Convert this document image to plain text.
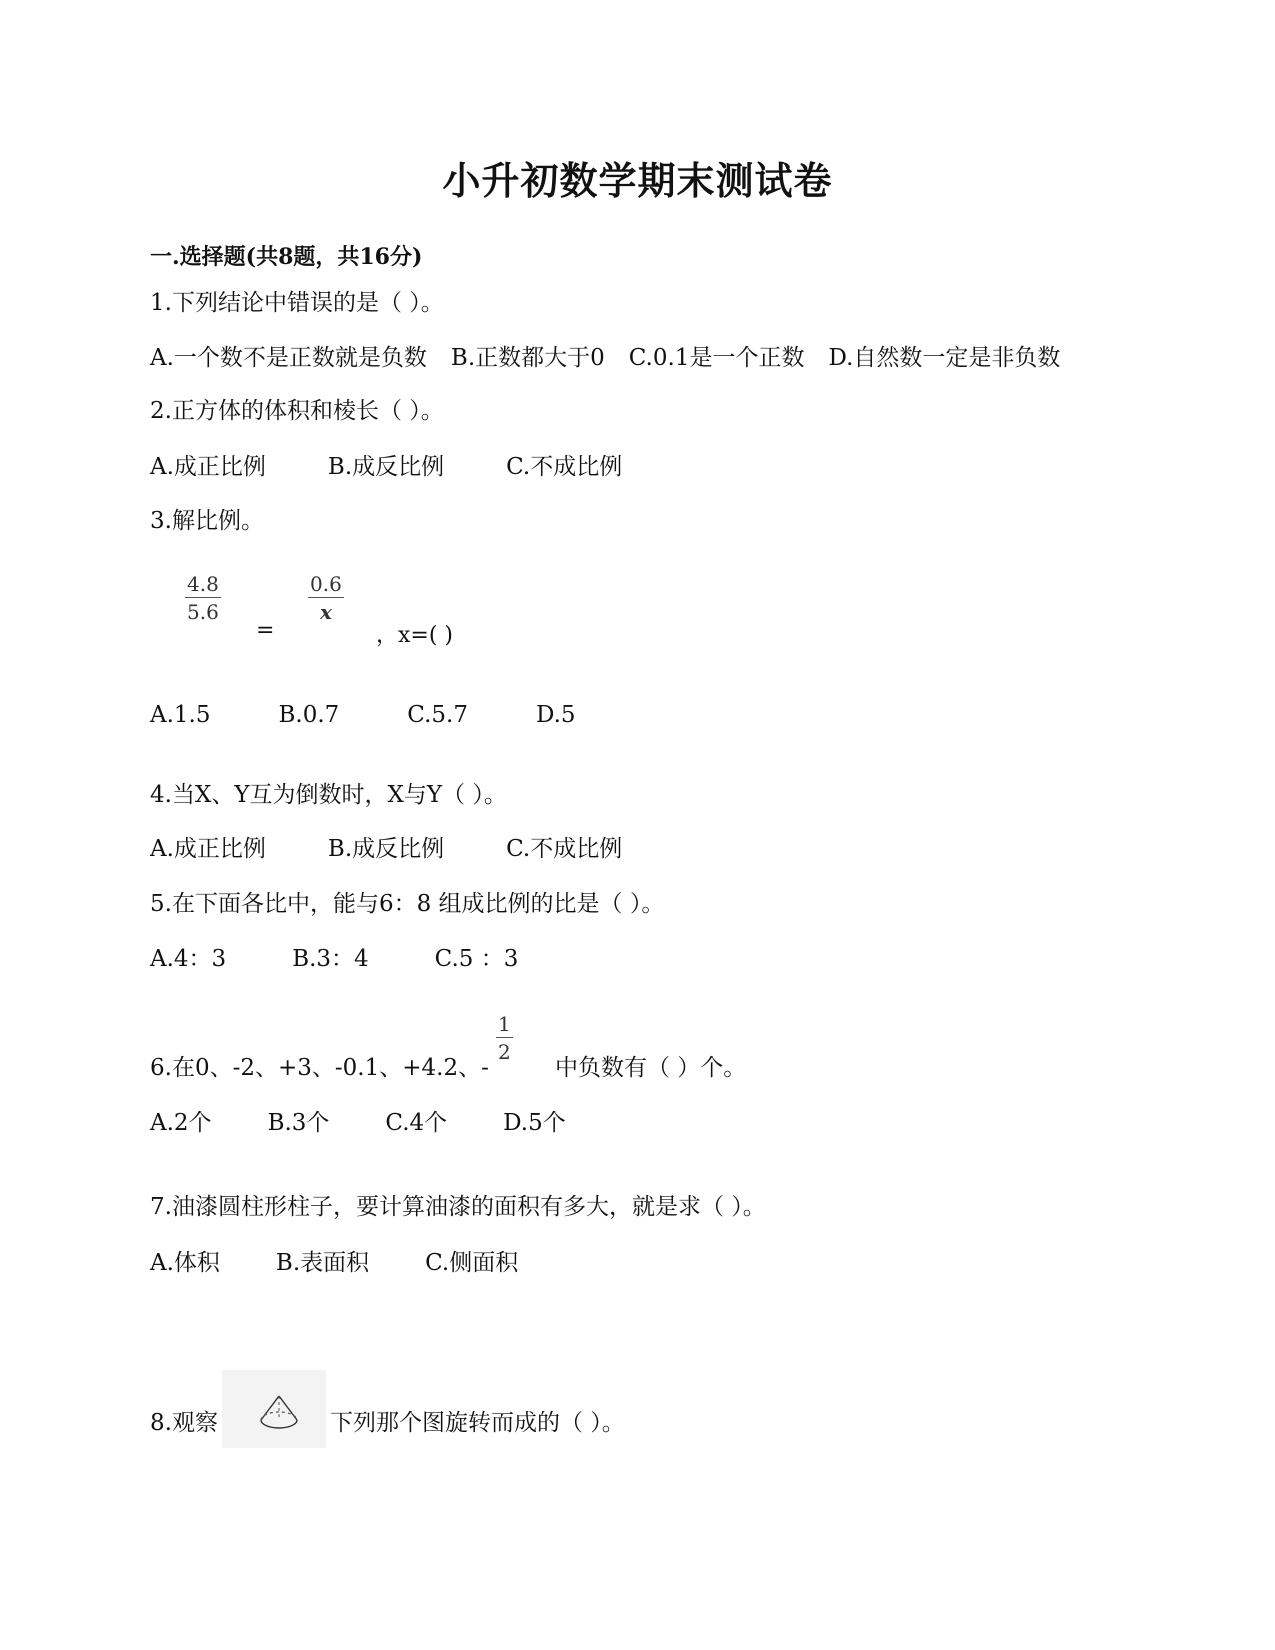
小升初数学期末测试卷
一.选择题(共8题，共16分)
1.下列结论中错误的是（ ）。
A.一个数不是正数就是负数 B.正数都大于0 C.0.1是一个正数 D.自然数一定是非负数
2.正方体的体积和棱长（ ）。
A.成正比例	B.成反比例	C.不成比例
3.解比例。
4.8
5.6
=
0.6
x
，x=( )
A.1.5	B.0.7	C.5.7	D.5
4.当X、Y互为倒数时，X与Y（ ）。
A.成正比例	B.成反比例	C.不成比例
5.在下面各比中，能与6：8 组成比例的比是（ ）。
A.4：3	B.3：4	C.5 ：3
6.在0、-2、+3、-0.1、+4.2、-
1
2
中负数有（ ）个。
A.2个 B.3个 C.4个 D.5个
7.油漆圆柱形柱子，要计算油漆的面积有多大，就是求（ ）。
A.体积 B.表面积 C.侧面积
8.观察	下列那个图旋转而成的（ ）。
